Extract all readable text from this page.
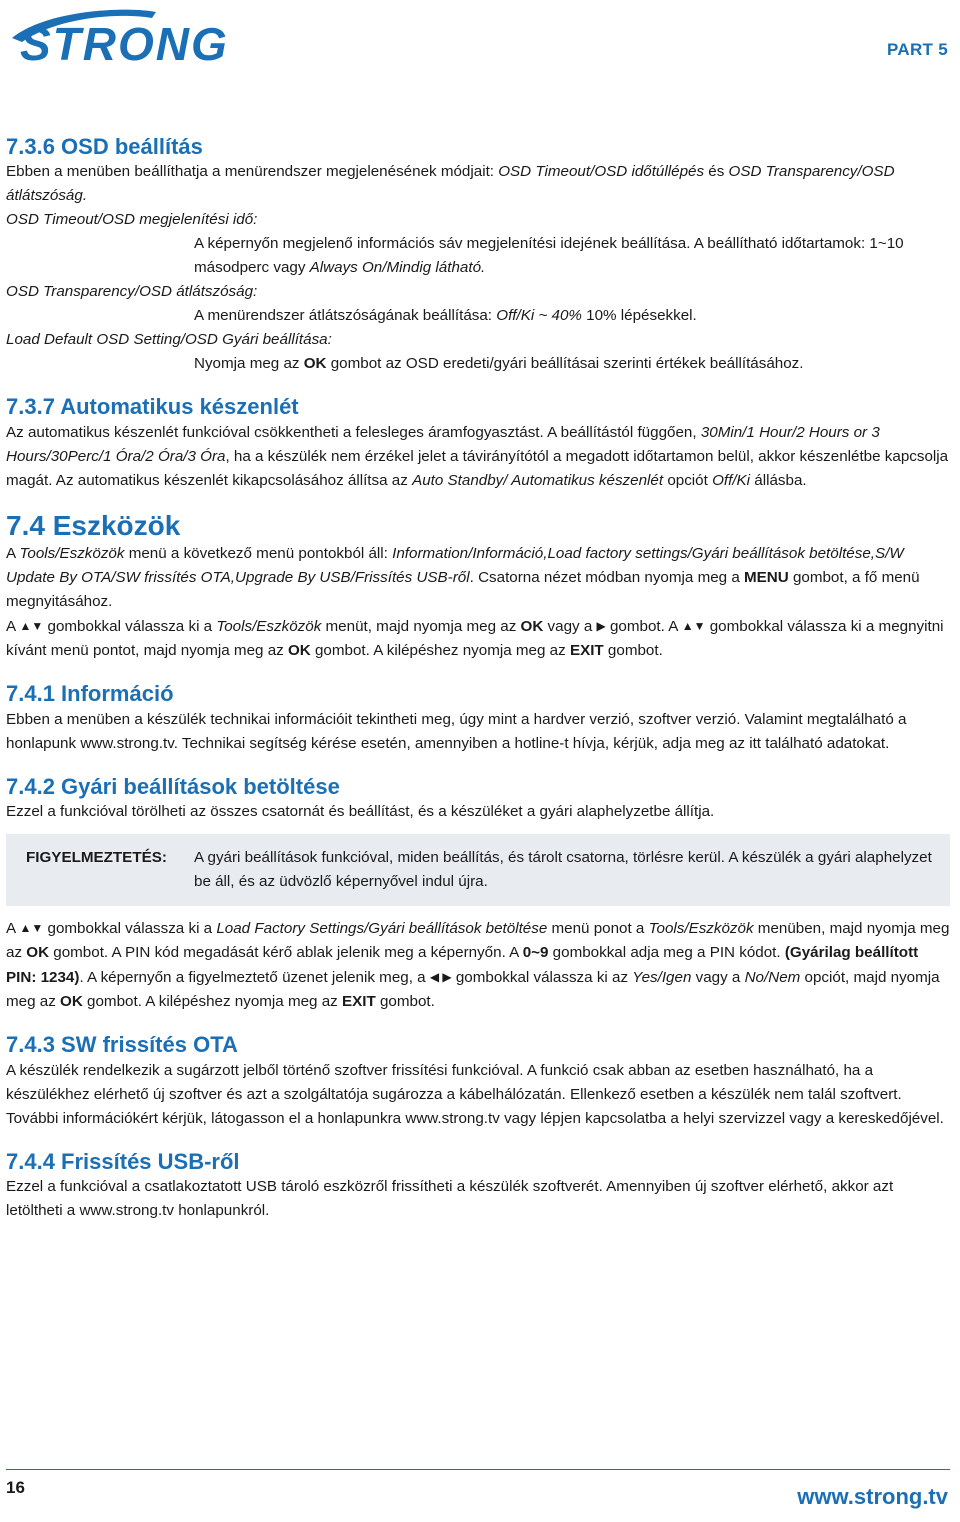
STRONG	PART 5
7.3.6 OSD beállítás

Ebben a menüben beállíthatja a menürendszer megjelenésének módjait: OSD Timeout/OSD időtúllépés és OSD Transparency/OSD átlátszóság.

OSD Timeout/OSD megjelenítési idő:
A képernyőn megjelenő információs sáv megjelenítési idejének beállítása. A beállítható időtartamok: 1~10 másodperc vagy Always On/Mindig látható.
OSD Transparency/OSD átlátszóság:
A menürendszer átlátszóságának beállítása: Off/Ki ~ 40% 10% lépésekkel.
Load Default OSD Setting/OSD Gyári beállítása:
Nyomja meg az OK gombot az OSD eredeti/gyári beállításai szerinti értékek beállításához.
7.3.7 Automatikus készenlét

Az automatikus készenlét funkcióval csökkentheti a felesleges áramfogyasztást. A beállítástól függően, 30Min/1 Hour/2 Hours or 3 Hours/30Perc/1 Óra/2 Óra/3 Óra, ha a készülék nem érzékel jelet a távirányítótól a megadott időtartamon belül, akkor készenlétbe kapcsolja magát. Az automatikus készenlét kikapcsolásához állítsa az Auto Standby/ Automatikus készenlét opciót Off/Ki állásba.

7.4 Eszközök

A Tools/Eszközök menü a következő menü pontokból áll: Information/Információ,Load factory settings/Gyári beállítások betöltése,S/W Update By OTA/SW frissítés OTA,Upgrade By USB/Frissítés USB-ről. Csatorna nézet módban nyomja meg a MENU gombot, a fő menü megnyitásához.

A ▲▼ gombokkal válassza ki a Tools/Eszközök menüt, majd nyomja meg az OK vagy a ▶ gombot. A ▲▼ gombokkal válassza ki a megnyitni kívánt menü pontot, majd nyomja meg az OK gombot. A kilépéshez nyomja meg az EXIT gombot.

7.4.1 Információ

Ebben a menüben a készülék technikai információit tekintheti meg, úgy mint a hardver verzió, szoftver verzió. Valamint megtalálható a honlapunk www.strong.tv. Technikai segítség kérése esetén, amennyiben a hotline-t hívja, kérjük, adja meg az itt található adatokat.

7.4.2 Gyári beállítások betöltése

Ezzel a funkcióval törölheti az összes csatornát és beállítást, és a készüléket a gyári alaphelyzetbe állítja.

FIGYELMEZTETÉS:	A gyári beállítások funkcióval, miden beállítás, és tárolt csatorna, törlésre kerül. A készülék a gyári alaphelyzet be áll, és az üdvözlő képernyővel indul újra.

A ▲▼ gombokkal válassza ki a Load Factory Settings/Gyári beállítások betöltése menü ponot a Tools/Eszközök menüben, majd nyomja meg az OK gombot. A PIN kód megadását kérő ablak jelenik meg a képernyőn. A 0~9 gombokkal adja meg a PIN kódot. (Gyárilag beállított PIN: 1234). A képernyőn a figyelmeztető üzenet jelenik meg, a ◀ ▶ gombokkal válassza ki az Yes/Igen vagy a No/Nem opciót, majd nyomja meg az OK gombot. A kilépéshez nyomja meg az EXIT gombot.

7.4.3 SW frissítés OTA

A készülék rendelkezik a sugárzott jelből történő szoftver frissítési funkcióval. A funkció csak abban az esetben használható, ha a készülékhez elérhető új szoftver és azt a szolgáltatója sugározza a kábelhálózatán. Ellenkező esetben a készülék nem talál szoftvert. További információkért kérjük, látogasson el a honlapunkra www.strong.tv vagy lépjen kapcsolatba a helyi szervizzel vagy a kereskedőjével.

7.4.4 Frissítés USB-ről

Ezzel a funkcióval a csatlakoztatott USB tároló eszközről frissítheti a készülék szoftverét. Amennyiben új szoftver elérhető, akkor azt letöltheti a www.strong.tv honlapunkról.

16	www.strong.tv
